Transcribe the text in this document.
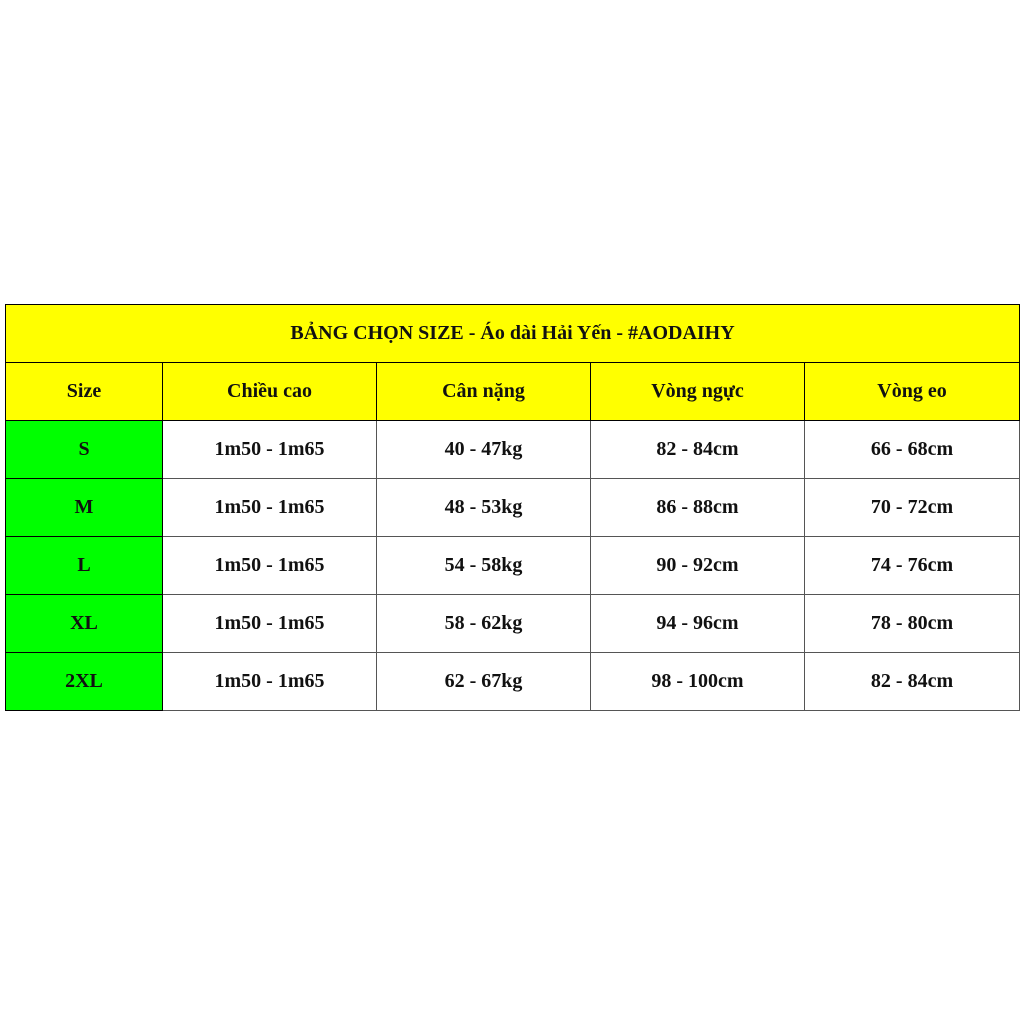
BẢNG CHỌN SIZE - Áo dài Hải Yến - #AODAIHY				
Size	Chiều cao	Cân nặng	Vòng ngực	Vòng eo
S	1m50 - 1m65	40 - 47kg	82 - 84cm	66 - 68cm
M	1m50 - 1m65	48 - 53kg	86 - 88cm	70 - 72cm
L	1m50 - 1m65	54 - 58kg	90 - 92cm	74 - 76cm
XL	1m50 - 1m65	58 - 62kg	94 - 96cm	78 - 80cm
2XL	1m50 - 1m65	62 - 67kg	98 - 100cm	82 - 84cm
